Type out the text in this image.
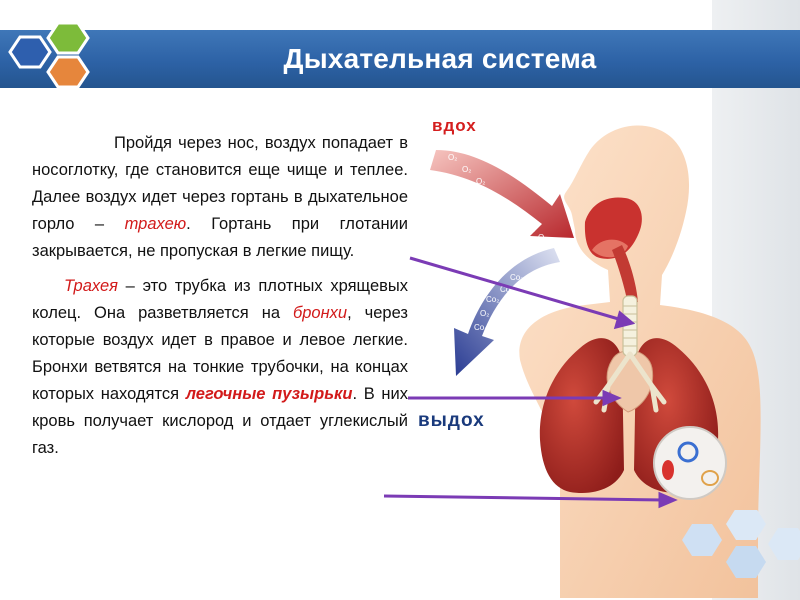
Дыхательная система
O₂
O₂
O₂
Co₂
O₂
O₂
O₂
O₂
Co₂
Co₂
Co₂
O₂
Co₂
вдох
выдох

Пройдя через нос, воздух попадает в носоглотку, где становится еще чище и теплее. Далее воздух идет через гортань в дыхательное горло – трахею. Гортань при глотании закрывается, не пропуская в легкие пищу.

Трахея – это трубка из плотных хрящевых колец. Она разветвляется на бронхи, через которые воздух идет в правое и левое легкие. Бронхи ветвятся на тонкие трубочки, на концах которых находятся легочные пузырьки. В них кровь получает кислород и отдает углекислый газ.
